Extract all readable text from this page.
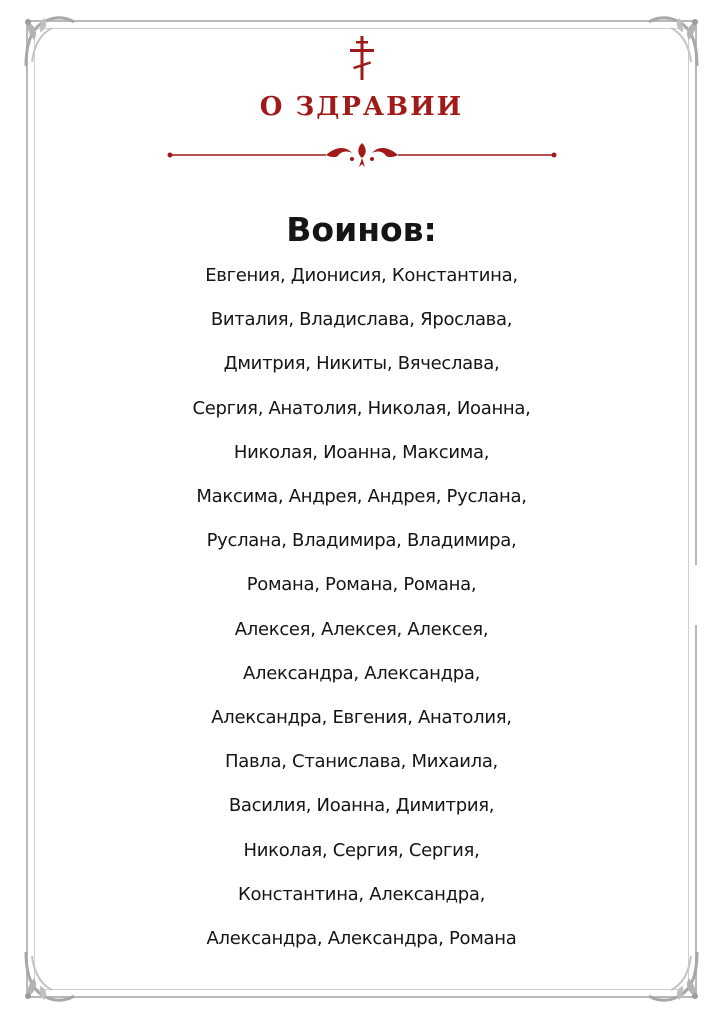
О ЗДРАВИИ
Воинов:
Евгения, Дионисия, Константина,
Виталия, Владислава, Ярослава,
Дмитрия, Никиты, Вячеслава,
Сергия, Анатолия, Николая, Иоанна,
Николая, Иоанна, Максима,
Максима, Андрея, Андрея, Руслана,
Руслана, Владимира, Владимира,
Романа, Романа, Романа,
Алексея, Алексея, Алексея,
Александра, Александра,
Александра, Евгения, Анатолия,
Павла, Станислава, Михаила,
Василия, Иоанна, Димитрия,
Николая, Сергия, Сергия,
Константина, Александра,
Александра, Александра, Романа
